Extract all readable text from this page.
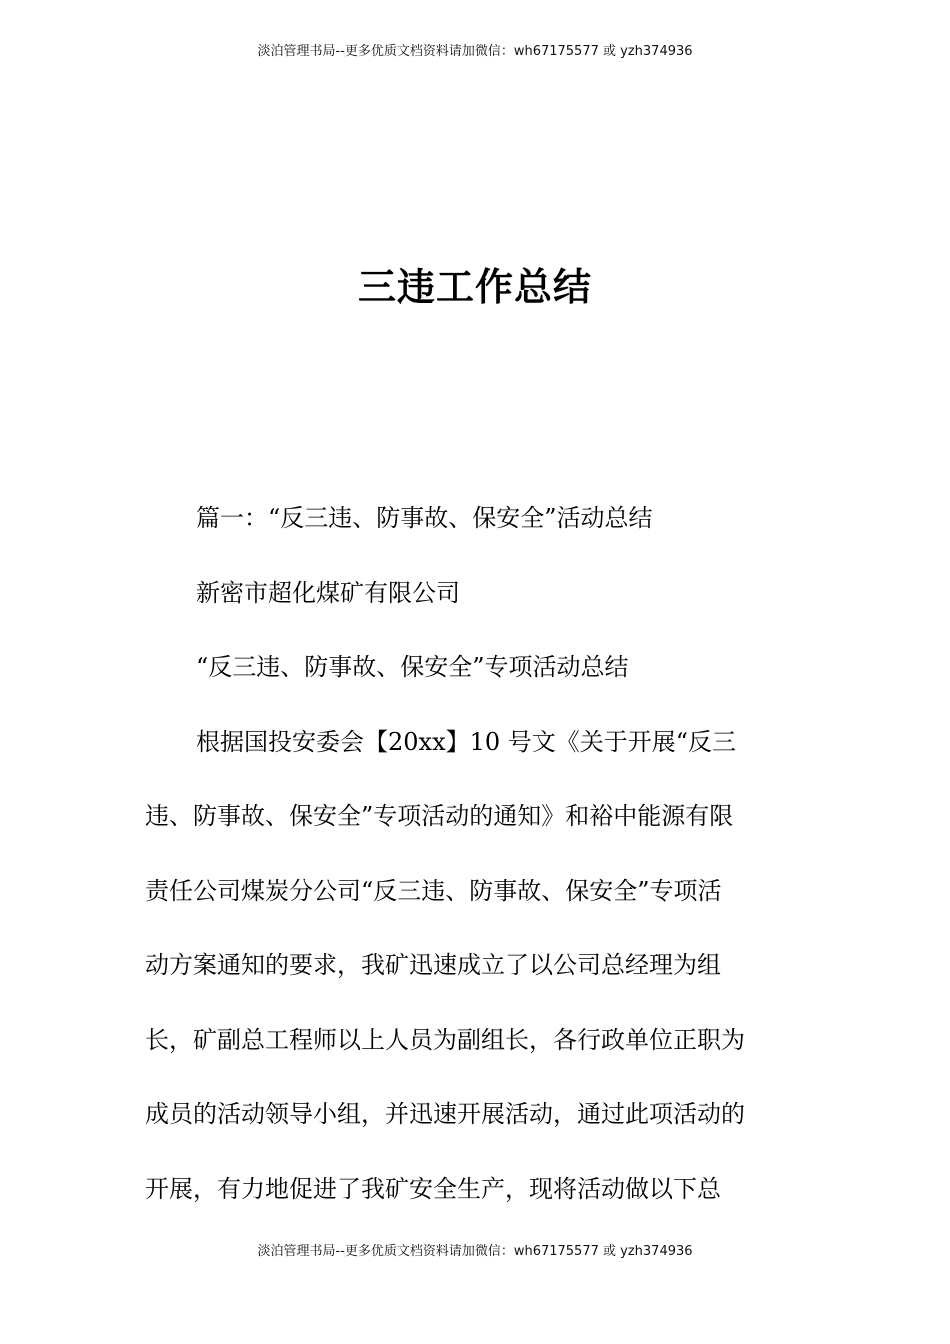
淡泊管理书局--更多优质文档资料请加微信：wh67175577 或 yzh374936
三违工作总结
篇一：“反三违、防事故、保安全”活动总结
新密市超化煤矿有限公司
“反三违、防事故、保安全”专项活动总结
根据国投安委会【20xx】10 号文《关于开展“反三
违、防事故、保安全”专项活动的通知》和裕中能源有限
责任公司煤炭分公司“反三违、防事故、保安全”专项活
动方案通知的要求，我矿迅速成立了以公司总经理为组
长，矿副总工程师以上人员为副组长，各行政单位正职为
成员的活动领导小组，并迅速开展活动，通过此项活动的
开展，有力地促进了我矿安全生产，现将活动做以下总
淡泊管理书局--更多优质文档资料请加微信：wh67175577 或 yzh374936
